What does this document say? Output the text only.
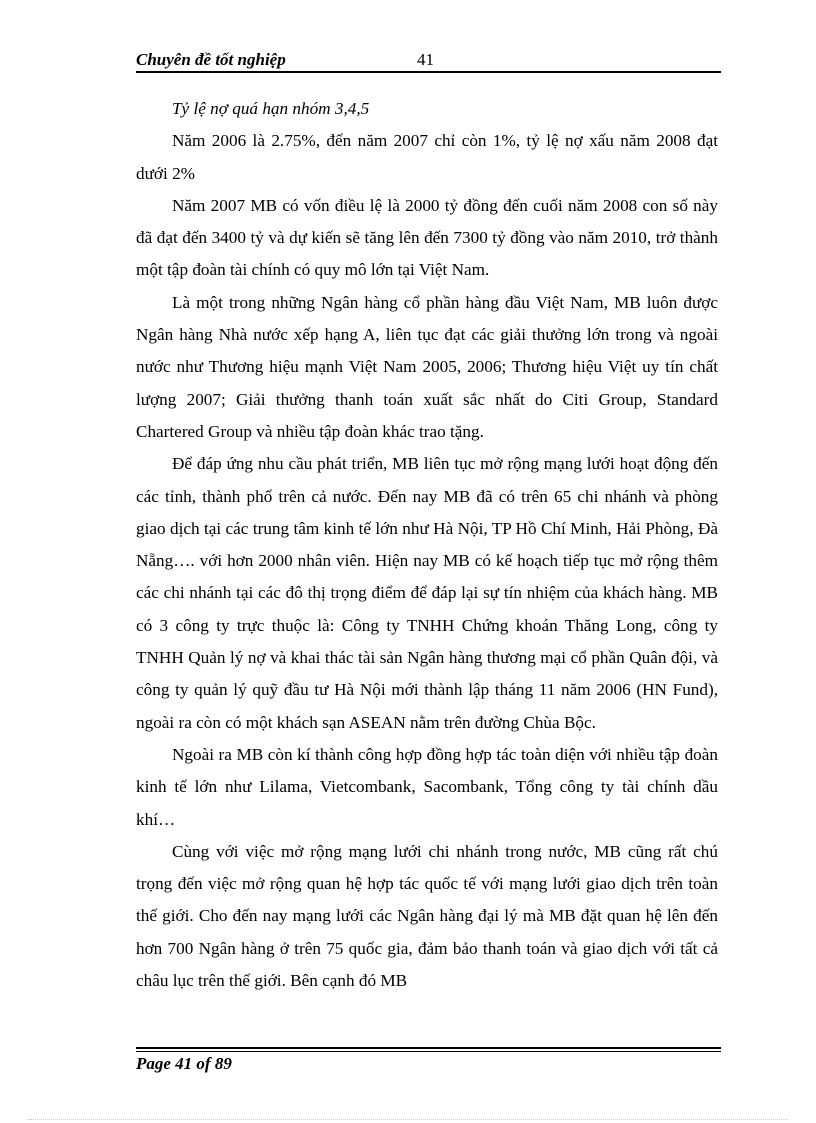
Chuyên đề tốt nghiệp	41

Tỷ lệ nợ quá hạn nhóm 3,4,5

Năm 2006 là 2.75%, đến năm 2007 chỉ còn 1%, tỷ lệ nợ xấu năm 2008 đạt dưới 2%

Năm 2007 MB có vốn điều lệ là 2000 tỷ đồng đến cuối năm 2008 con số này đã đạt đến 3400 tỷ và dự kiến sẽ tăng lên đến 7300 tỷ đồng vào năm 2010, trở thành một tập đoàn tài chính có quy mô lớn tại Việt Nam.

Là một trong những Ngân hàng cổ phần hàng đầu Việt Nam, MB luôn được Ngân hàng Nhà nước xếp hạng A, liên tục đạt các giải thưởng lớn trong và ngoài nước như Thương hiệu mạnh Việt Nam 2005, 2006; Thương hiệu Việt uy tín chất lượng 2007; Giải thưởng thanh toán xuất sắc nhất do Citi Group, Standard Chartered Group và nhiều tập đoàn khác trao tặng.

Để đáp ứng nhu cầu phát triển, MB liên tục mở rộng mạng lưới hoạt động đến các tỉnh, thành phố trên cả nước. Đến nay MB đã có trên 65 chi nhánh và phòng giao dịch tại các trung tâm kinh tế lớn như Hà Nội, TP Hồ Chí Minh, Hải Phòng, Đà Nẵng…. với hơn 2000 nhân viên. Hiện nay MB có kế hoạch tiếp tục mở rộng thêm các chi nhánh tại các đô thị trọng điểm để đáp lại sự tín nhiệm của khách hàng. MB có 3 công ty trực thuộc là: Công ty TNHH Chứng khoán Thăng Long, công ty TNHH Quản lý nợ và khai thác tài sản Ngân hàng thương mại cổ phần Quân đội, và công ty quản lý quỹ đầu tư Hà Nội mới thành lập tháng 11 năm 2006 (HN Fund), ngoài ra còn có một khách sạn ASEAN nằm trên đường Chùa Bộc.

Ngoài ra MB còn kí thành công hợp đồng hợp tác toàn diện với nhiều tập đoàn kinh tế lớn như Lilama, Vietcombank, Sacombank, Tổng công ty tài chính dầu khí…

Cùng với việc mở rộng mạng lưới chi nhánh trong nước, MB cũng rất chú trọng đến việc mở rộng quan hệ hợp tác quốc tế với mạng lưới giao dịch trên toàn thế giới. Cho đến nay mạng lưới các Ngân hàng đại lý mà MB đặt quan hệ lên đến hơn 700 Ngân hàng ở trên 75 quốc gia, đảm bảo thanh toán và giao dịch với tất cả châu lục trên thế giới. Bên cạnh đó MB

Page 41 of 89
